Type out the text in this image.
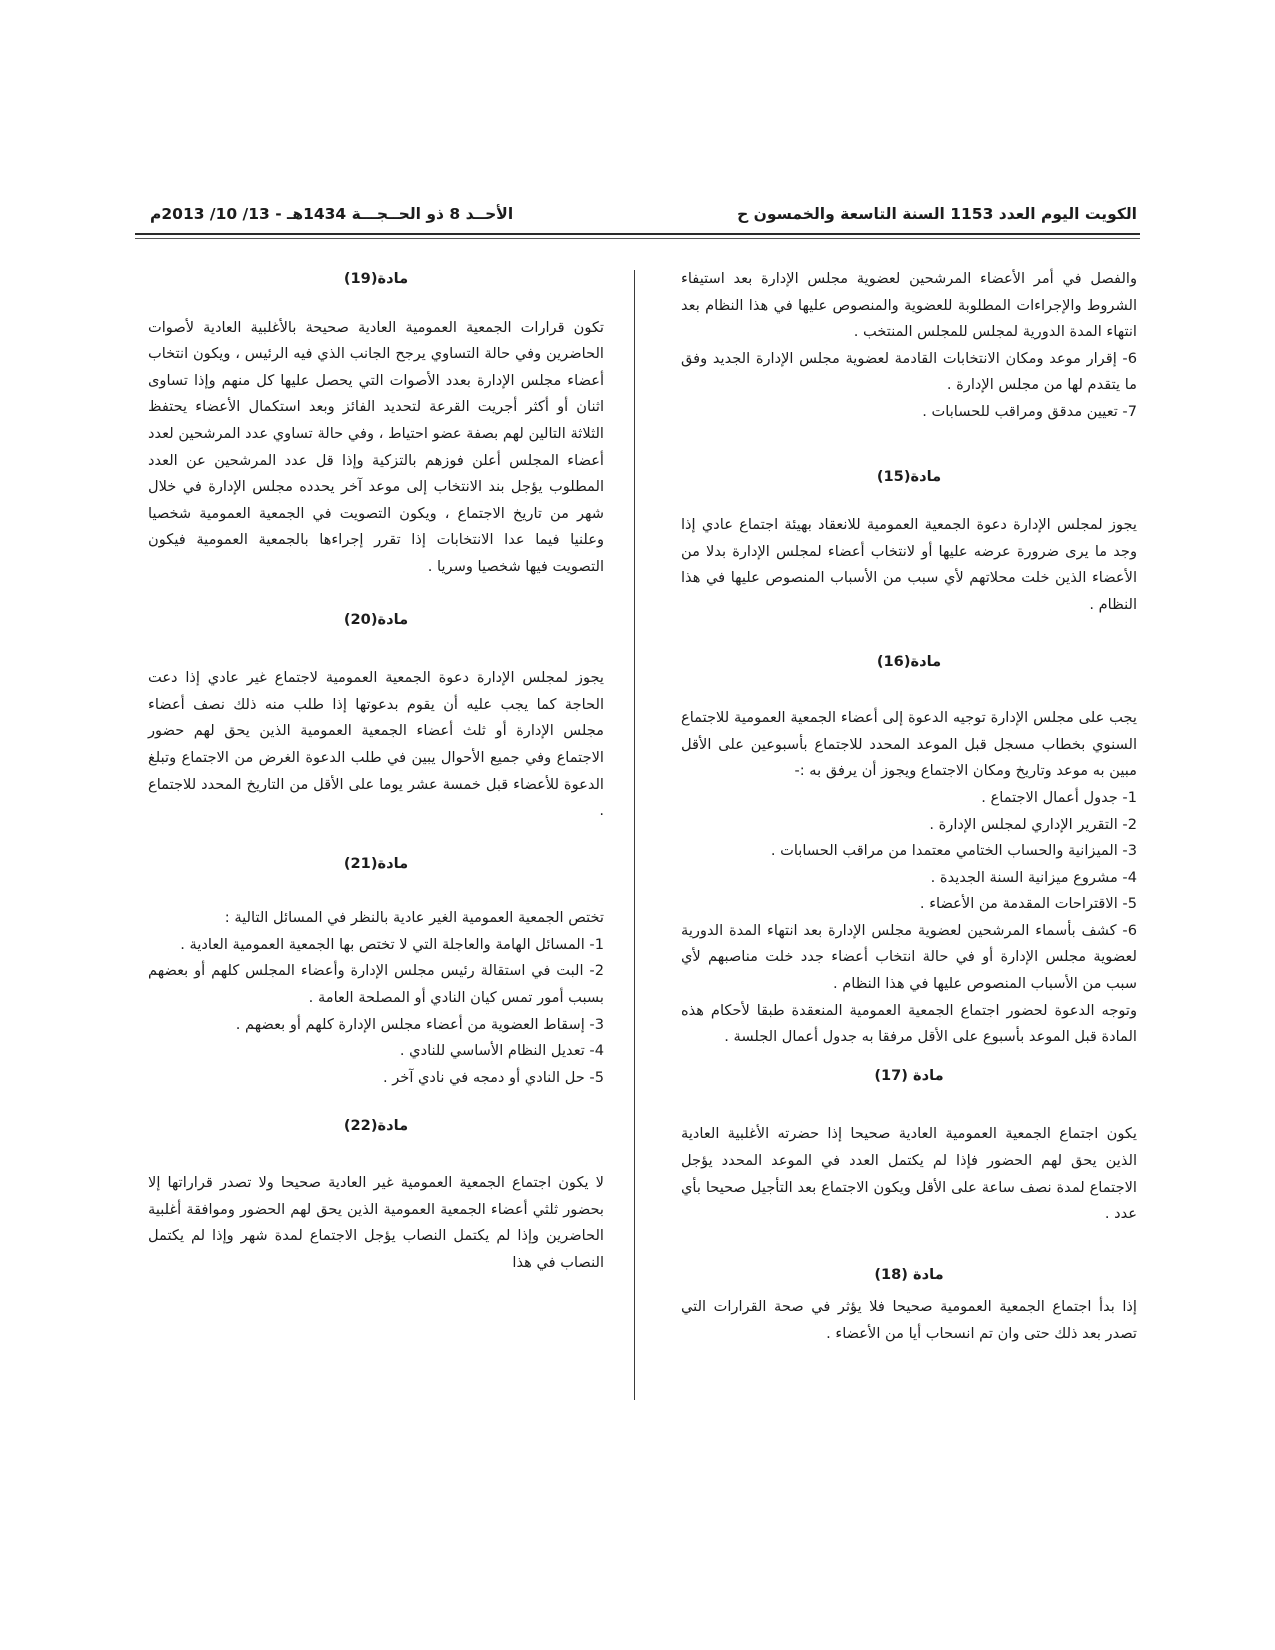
الكويت اليوم العدد 1153 السنة التاسعة والخمسون ح
الأحــد 8 ذو الحــجـــة 1434هـ - 13/ 10/ 2013م

والفصل في أمر الأعضاء المرشحين لعضوية مجلس الإدارة بعد استيفاء الشروط والإجراءات المطلوبة للعضوية والمنصوص عليها في هذا النظام بعد انتهاء المدة الدورية لمجلس للمجلس المنتخب .

6- إقرار موعد ومكان الانتخابات القادمة لعضوية مجلس الإدارة الجديد وفق ما يتقدم لها من مجلس الإدارة .

7- تعيين مدقق ومراقب للحسابات .

مادة(15)

يجوز لمجلس الإدارة دعوة الجمعية العمومية للانعقاد بهيئة اجتماع عادي إذا وجد ما يرى ضرورة عرضه عليها أو لانتخاب أعضاء لمجلس الإدارة بدلا من الأعضاء الذين خلت محلاتهم لأي سبب من الأسباب المنصوص عليها في هذا النظام .

مادة(16)

يجب على مجلس الإدارة توجيه الدعوة إلى أعضاء الجمعية العمومية للاجتماع السنوي بخطاب مسجل قبل الموعد المحدد للاجتماع بأسبوعين على الأقل مبين به موعد وتاريخ ومكان الاجتماع ويجوز أن يرفق به :-

1- جدول أعمال الاجتماع .

2- التقرير الإداري لمجلس الإدارة .

3- الميزانية والحساب الختامي معتمدا من مراقب الحسابات .

4- مشروع ميزانية السنة الجديدة .

5- الاقتراحات المقدمة من الأعضاء .

6- كشف بأسماء المرشحين لعضوية مجلس الإدارة بعد انتهاء المدة الدورية لعضوية مجلس الإدارة أو في حالة انتخاب أعضاء جدد خلت مناصبهم لأي سبب من الأسباب المنصوص عليها في هذا النظام .

وتوجه الدعوة لحضور اجتماع الجمعية العمومية المنعقدة طبقا لأحكام هذه المادة قبل الموعد بأسبوع على الأقل مرفقا به جدول أعمال الجلسة .

مادة (17)

يكون اجتماع الجمعية العمومية العادية صحيحا إذا حضرته الأغلبية العادية الذين يحق لهم الحضور فإذا لم يكتمل العدد في الموعد المحدد يؤجل الاجتماع لمدة نصف ساعة على الأقل ويكون الاجتماع بعد التأجيل صحيحا بأي عدد .

مادة (18)

إذا بدأ اجتماع الجمعية العمومية صحيحا فلا يؤثر في صحة القرارات التي تصدر بعد ذلك حتى وان تم انسحاب أيا من الأعضاء .

مادة(19)

تكون قرارات الجمعية العمومية العادية صحيحة بالأغلبية العادية لأصوات الحاضرين وفي حالة التساوي يرجح الجانب الذي فيه الرئيس ، ويكون انتخاب أعضاء مجلس الإدارة بعدد الأصوات التي يحصل عليها كل منهم وإذا تساوى اثنان أو أكثر أجريت القرعة لتحديد الفائز وبعد استكمال الأعضاء يحتفظ الثلاثة التالين لهم بصفة عضو احتياط ، وفي حالة تساوي عدد المرشحين لعدد أعضاء المجلس أعلن فوزهم بالتزكية وإذا قل عدد المرشحين عن العدد المطلوب يؤجل بند الانتخاب إلى موعد آخر يحدده مجلس الإدارة في خلال شهر من تاريخ الاجتماع ، ويكون التصويت في الجمعية العمومية شخصيا وعلنيا فيما عدا الانتخابات إذا تقرر إجراءها بالجمعية العمومية فيكون التصويت فيها شخصيا وسريا .

مادة(20)

يجوز لمجلس الإدارة دعوة الجمعية العمومية لاجتماع غير عادي إذا دعت الحاجة كما يجب عليه أن يقوم بدعوتها إذا طلب منه ذلك نصف أعضاء مجلس الإدارة أو ثلث أعضاء الجمعية العمومية الذين يحق لهم حضور الاجتماع وفي جميع الأحوال يبين في طلب الدعوة الغرض من الاجتماع وتبلغ الدعوة للأعضاء قبل خمسة عشر يوما على الأقل من التاريخ المحدد للاجتماع .

مادة(21)

تختص الجمعية العمومية الغير عادية بالنظر في المسائل التالية :

1- المسائل الهامة والعاجلة التي لا تختص بها الجمعية العمومية العادية .

2- البت في استقالة رئيس مجلس الإدارة وأعضاء المجلس كلهم أو بعضهم بسبب أمور تمس كيان النادي أو المصلحة العامة .

3- إسقاط العضوية من أعضاء مجلس الإدارة كلهم أو بعضهم .

4- تعديل النظام الأساسي للنادي .

5- حل النادي أو دمجه في نادي آخر .

مادة(22)

لا يكون اجتماع الجمعية العمومية غير العادية صحيحا ولا تصدر قراراتها إلا بحضور ثلثي أعضاء الجمعية العمومية الذين يحق لهم الحضور وموافقة أغلبية الحاضرين وإذا لم يكتمل النصاب يؤجل الاجتماع لمدة شهر وإذا لم يكتمل النصاب في هذا
